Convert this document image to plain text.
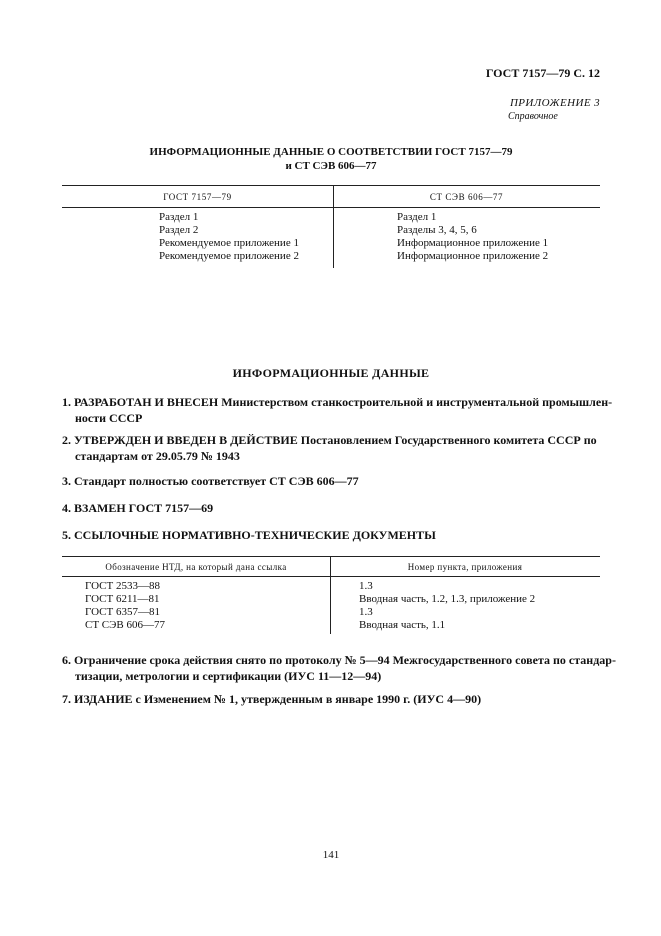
ГОСТ 7157—79 С. 12
ПРИЛОЖЕНИЕ 3
Справочное
ИНФОРМАЦИОННЫЕ ДАННЫЕ О СООТВЕТСТВИИ ГОСТ 7157—79
и СТ СЭВ 606—77
ГОСТ 7157—79	СТ СЭВ 606—77
Раздел 1
Раздел 2
Рекомендуемое приложение 1
Рекомендуемое приложение 2
Раздел 1
Разделы 3, 4, 5, 6
Информационное приложение 1
Информационное приложение 2
ИНФОРМАЦИОННЫЕ ДАННЫЕ
1. РАЗРАБОТАН И ВНЕСЕН Министерством станкостроительной и инструментальной промышлен-
ности СССР
2. УТВЕРЖДЕН И ВВЕДЕН В ДЕЙСТВИЕ Постановлением Государственного комитета СССР по
стандартам от 29.05.79 № 1943
3. Стандарт полностью соответствует СТ СЭВ 606—77
4. ВЗАМЕН ГОСТ 7157—69
5. ССЫЛОЧНЫЕ НОРМАТИВНО-ТЕХНИЧЕСКИЕ ДОКУМЕНТЫ
Обозначение НТД, на который дана ссылка	Номер пункта, приложения
ГОСТ 2533—88
ГОСТ 6211—81
ГОСТ 6357—81
СТ СЭВ 606—77
1.3
Вводная часть, 1.2, 1.3, приложение 2
1.3
Вводная часть, 1.1
6. Ограничение срока действия снято по протоколу № 5—94 Межгосударственного совета по стандар-
тизации, метрологии и сертификации (ИУС 11—12—94)
7. ИЗДАНИЕ с Изменением № 1, утвержденным в январе 1990 г. (ИУС 4—90)
141
